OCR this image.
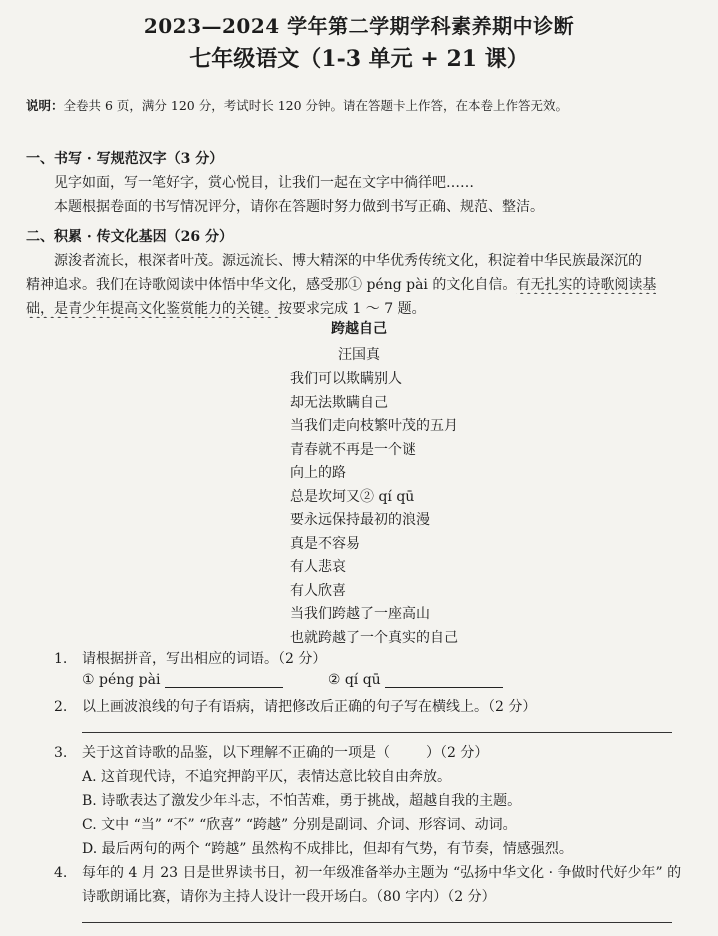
2023—2024 学年第二学期学科素养期中诊断
七年级语文（1-3 单元 + 21 课）
说明：全卷共 6 页，满分 120 分，考试时长 120 分钟。请在答题卡上作答，在本卷上作答无效。
一、书写 · 写规范汉字（3 分）
见字如面，写一笔好字，赏心悦目，让我们一起在文字中徜徉吧……
本题根据卷面的书写情况评分，请你在答题时努力做到书写正确、规范、整洁。
二、积累 · 传文化基因（26 分）
源浚者流长，根深者叶茂。源远流长、博大精深的中华优秀传统文化，积淀着中华民族最深沉的
精神追求。我们在诗歌阅读中体悟中华文化，感受那① péng pài 的文化自信。有无扎实的诗歌阅读基
础，是青少年提高文化鉴赏能力的关键。按要求完成 1 ～ 7 题。
跨越自己
汪国真
我们可以欺瞒别人
却无法欺瞒自己
当我们走向枝繁叶茂的五月
青春就不再是一个谜
向上的路
总是坎坷又② qí qū
要永远保持最初的浪漫
真是不容易
有人悲哀
有人欣喜
当我们跨越了一座高山
也就跨越了一个真实的自己
1. 请根据拼音，写出相应的词语。（2 分）
① péng pài	② qí qū
2. 以上画波浪线的句子有语病，请把修改后正确的句子写在横线上。（2 分）
3. 关于这首诗歌的品鉴，以下理解不正确的一项是（	）（2 分）
A. 这首现代诗，不追究押韵平仄，表情达意比较自由奔放。
B. 诗歌表达了激发少年斗志，不怕苦难，勇于挑战，超越自我的主题。
C. 文中 “当” “不” “欣喜” “跨越” 分别是副词、介词、形容词、动词。
D. 最后两句的两个 “跨越” 虽然构不成排比，但却有气势，有节奏，情感强烈。
4. 每年的 4 月 23 日是世界读书日，初一年级准备举办主题为 “弘扬中华文化 · 争做时代好少年” 的
诗歌朗诵比赛，请你为主持人设计一段开场白。（80 字内）（2 分）
